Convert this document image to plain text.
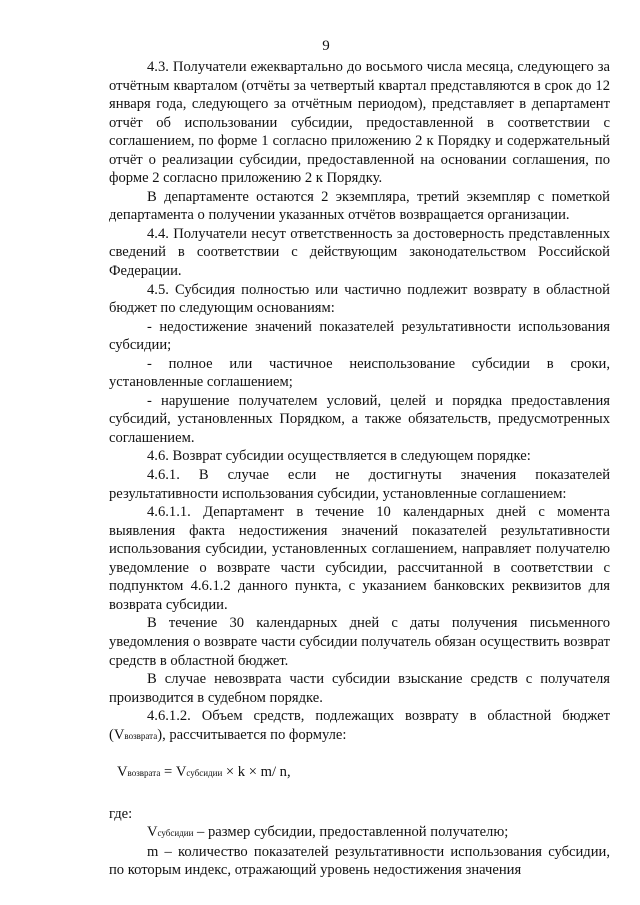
9

4.3. Получатели ежеквартально до восьмого числа месяца, следующего за отчётным кварталом (отчёты за четвертый квартал представляются в срок до 12 января года, следующего за отчётным периодом), представляет в департамент отчёт об использовании субсидии, предоставленной в соответствии с соглашением, по форме 1 согласно приложению 2 к Порядку и содержательный отчёт о реализации субсидии, предоставленной на основании соглашения, по форме 2 согласно приложению 2 к Порядку.

В департаменте остаются 2 экземпляра, третий экземпляр с пометкой департамента о получении указанных отчётов возвращается организации.

4.4. Получатели несут ответственность за достоверность представленных сведений в соответствии с действующим законодательством Российской Федерации.

4.5. Субсидия полностью или частично подлежит возврату в областной бюджет по следующим основаниям:

- недостижение значений показателей результативности использования субсидии;

- полное или частичное неиспользование субсидии в сроки, установленные соглашением;

- нарушение получателем условий, целей и порядка предоставления субсидий, установленных Порядком, а также обязательств, предусмотренных соглашением.

4.6. Возврат субсидии осуществляется в следующем порядке:

4.6.1. В случае если не достигнуты значения показателей результативности использования субсидии, установленные соглашением:

4.6.1.1. Департамент в течение 10 календарных дней с момента выявления факта недостижения значений показателей результативности использования субсидии, установленных соглашением, направляет получателю уведомление о возврате части субсидии, рассчитанной в соответствии с подпунктом 4.6.1.2 данного пункта, с указанием банковских реквизитов для возврата субсидии.

В течение 30 календарных дней с даты получения письменного уведомления о возврате части субсидии получатель обязан осуществить возврат средств в областной бюджет.

В случае невозврата части субсидии взыскание средств с получателя производится в судебном порядке.

4.6.1.2. Объем средств, подлежащих возврату в областной бюджет (Vвозврата), рассчитывается по формуле:

Vвозврата = Vсубсидии × k × m/ n,

где:

Vсубсидии – размер субсидии, предоставленной получателю;

m – количество показателей результативности использования субсидии, по которым индекс, отражающий уровень недостижения значения
